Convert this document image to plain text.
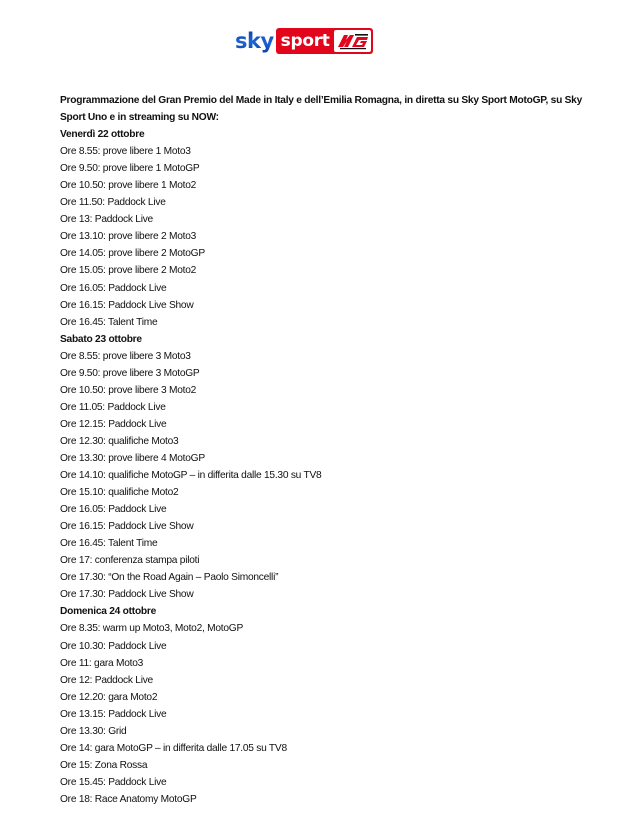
sky sport
Programmazione del Gran Premio del Made in Italy e dell’Emilia Romagna, in diretta su Sky Sport MotoGP, su Sky Sport Uno e in streaming su NOW:
Venerdì 22 ottobre
Ore 8.55: prove libere 1 Moto3
Ore 9.50: prove libere 1 MotoGP
Ore 10.50: prove libere 1 Moto2
Ore 11.50: Paddock Live
Ore 13: Paddock Live
Ore 13.10: prove libere 2 Moto3
Ore 14.05: prove libere 2 MotoGP
Ore 15.05: prove libere 2 Moto2
Ore 16.05: Paddock Live
Ore 16.15: Paddock Live Show
Ore 16.45: Talent Time
Sabato 23 ottobre
Ore 8.55: prove libere 3 Moto3
Ore 9.50: prove libere 3 MotoGP
Ore 10.50: prove libere 3 Moto2
Ore 11.05: Paddock Live
Ore 12.15: Paddock Live
Ore 12.30: qualifiche Moto3
Ore 13.30: prove libere 4 MotoGP
Ore 14.10: qualifiche MotoGP – in differita dalle 15.30 su TV8
Ore 15.10: qualifiche Moto2
Ore 16.05: Paddock Live
Ore 16.15: Paddock Live Show
Ore 16.45: Talent Time
Ore 17: conferenza stampa piloti
Ore 17.30: “On the Road Again – Paolo Simoncelli”
Ore 17.30: Paddock Live Show
Domenica 24 ottobre
Ore 8.35: warm up Moto3, Moto2, MotoGP
Ore 10.30: Paddock Live
Ore 11: gara Moto3
Ore 12: Paddock Live
Ore 12.20: gara Moto2
Ore 13.15: Paddock Live
Ore 13.30: Grid
Ore 14: gara MotoGP – in differita dalle 17.05 su TV8
Ore 15: Zona Rossa
Ore 15.45: Paddock Live
Ore 18: Race Anatomy MotoGP
